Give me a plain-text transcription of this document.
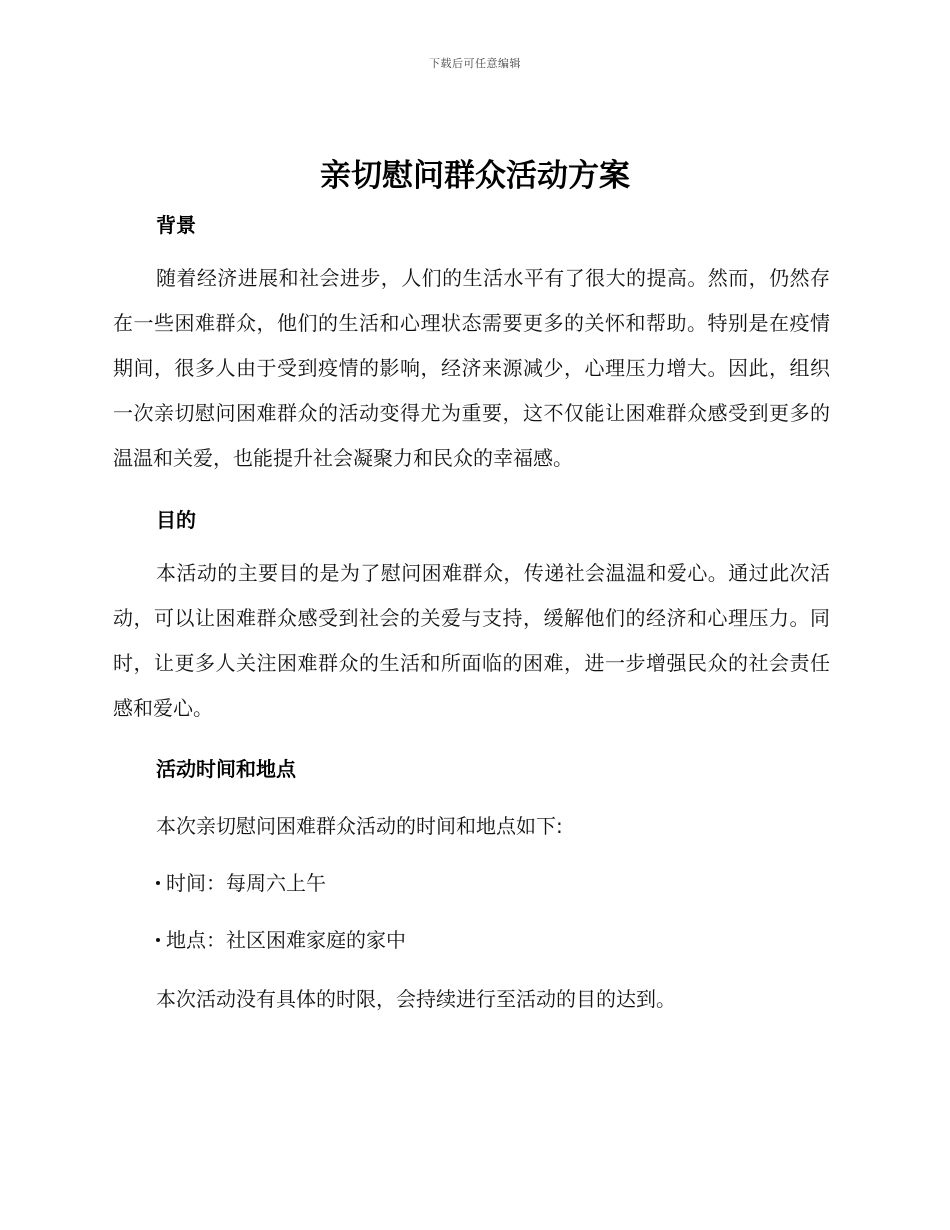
下载后可任意编辑
亲切慰问群众活动方案
背景

随着经济进展和社会进步，人们的生活水平有了很大的提高。然而，仍然存在一些困难群众，他们的生活和心理状态需要更多的关怀和帮助。特别是在疫情期间，很多人由于受到疫情的影响，经济来源减少，心理压力增大。因此，组织一次亲切慰问困难群众的活动变得尤为重要，这不仅能让困难群众感受到更多的温温和关爱，也能提升社会凝聚力和民众的幸福感。

目的

本活动的主要目的是为了慰问困难群众，传递社会温温和爱心。通过此次活动，可以让困难群众感受到社会的关爱与支持，缓解他们的经济和心理压力。同时，让更多人关注困难群众的生活和所面临的困难，进一步增强民众的社会责任感和爱心。

活动时间和地点

本次亲切慰问困难群众活动的时间和地点如下:

时间：每周六上午

地点：社区困难家庭的家中

本次活动没有具体的时限，会持续进行至活动的目的达到。
